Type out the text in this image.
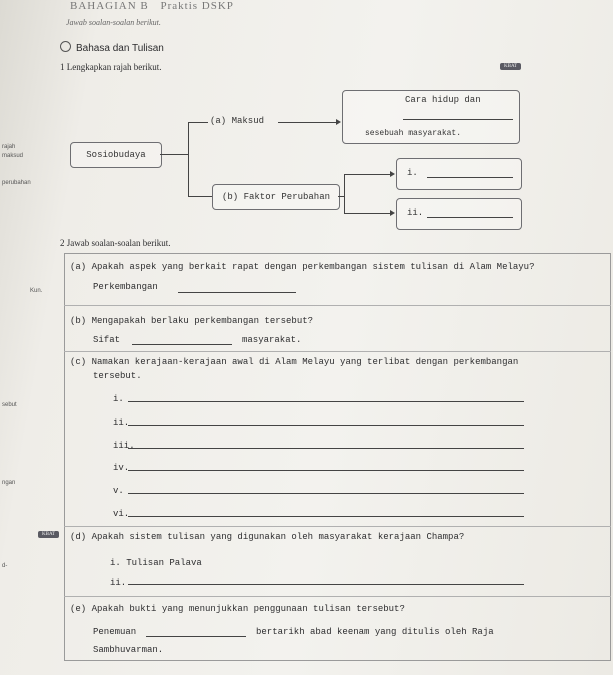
BAHAGIAN B Praktis DSKP
Jawab soalan-soalan berikut.
Bahasa dan Tulisan
rajah
maksud
perubahan
Kun.
sebut
ngan
d-
1 Lengkapkan rajah berikut.	KBAT
Sosiobudaya
(a) Maksud
Cara hidup dan
sesebuah masyarakat.
(b) Faktor Perubahan
i.
ii.
2 Jawab soalan-soalan berikut.
(a) Apakah aspek yang berkait rapat dengan perkembangan sistem tulisan di Alam Melayu?
Perkembangan
(b) Mengapakah berlaku perkembangan tersebut?
Sifat	masyarakat.
(c) Namakan kerajaan-kerajaan awal di Alam Melayu yang terlibat dengan perkembangan
tersebut.
i.
ii.
iii.
iv.
v.
vi.
KBAT	(d) Apakah sistem tulisan yang digunakan oleh masyarakat kerajaan Champa?
i. Tulisan Palava
ii.
(e) Apakah bukti yang menunjukkan penggunaan tulisan tersebut?
Penemuan	bertarikh abad keenam yang ditulis oleh Raja
Sambhuvarman.
